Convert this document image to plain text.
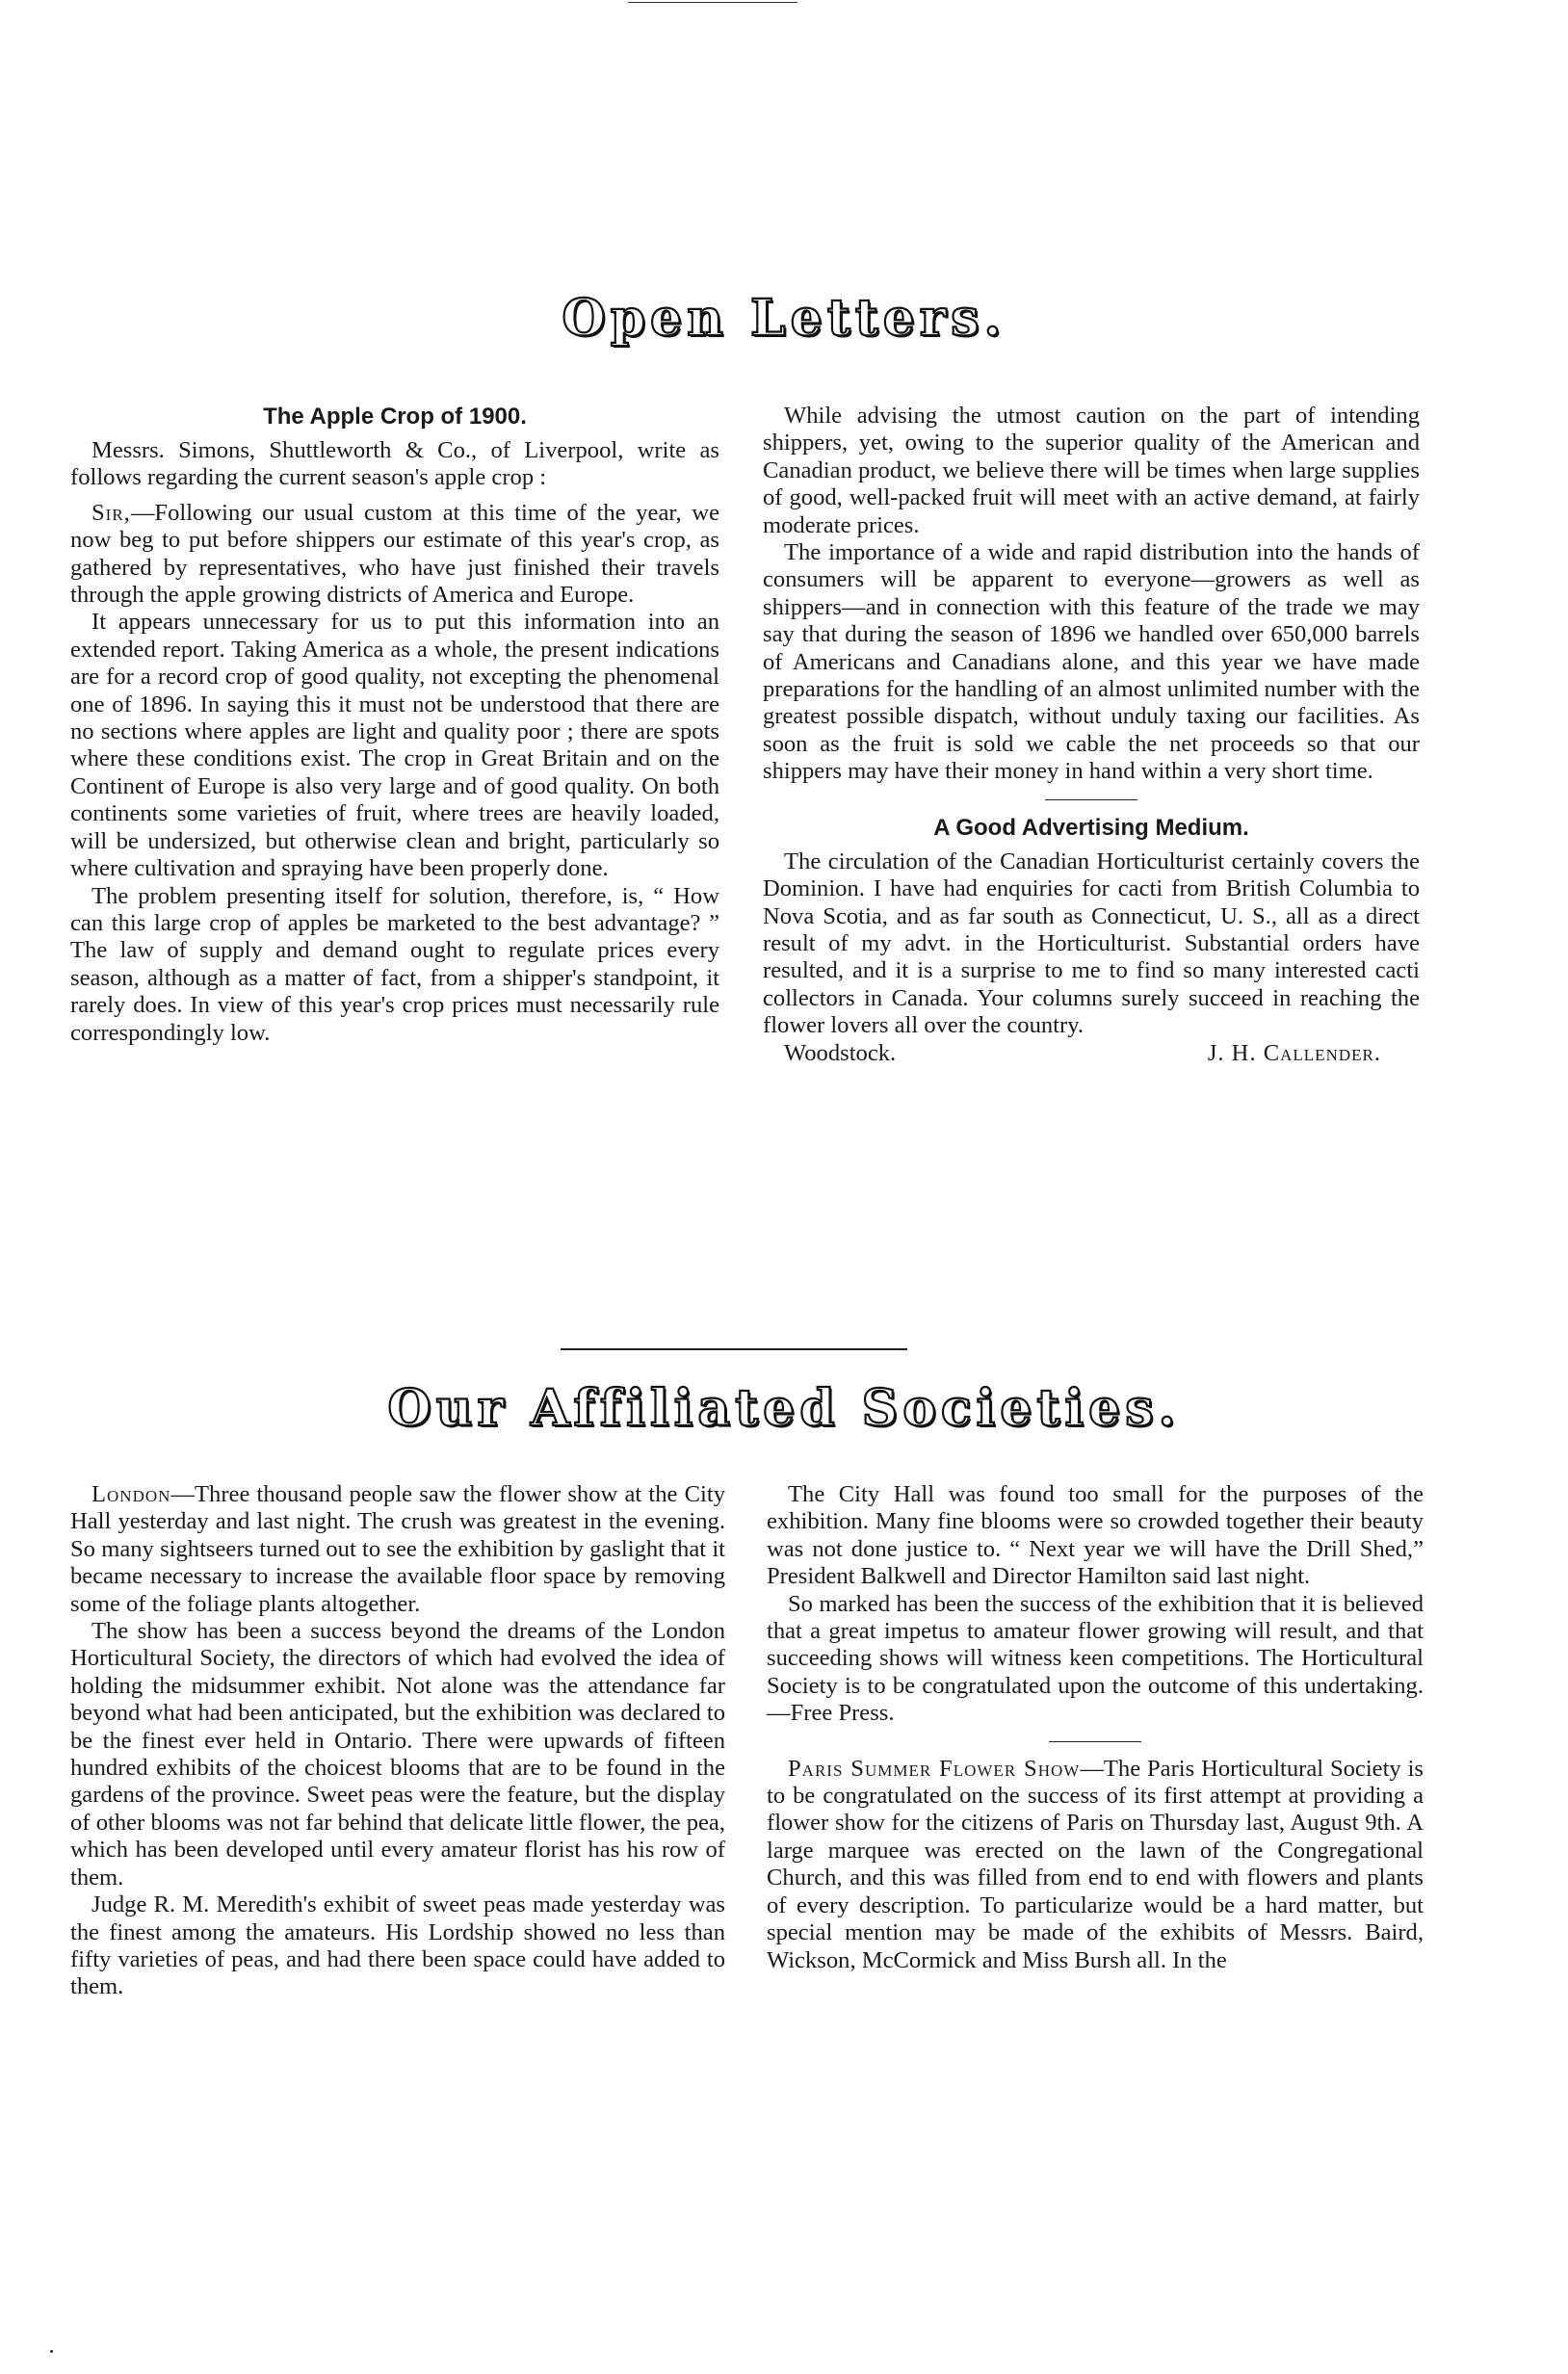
Open Letters.
The Apple Crop of 1900.

Messrs. Simons, Shuttleworth & Co., of Liverpool, write as follows regarding the current season's apple crop :

Sir,—Following our usual custom at this time of the year, we now beg to put before shippers our estimate of this year's crop, as gathered by representatives, who have just finished their travels through the apple growing districts of America and Europe.

It appears unnecessary for us to put this information into an extended report. Taking America as a whole, the present indications are for a record crop of good quality, not excepting the phenomenal one of 1896. In saying this it must not be understood that there are no sections where apples are light and quality poor ; there are spots where these conditions exist. The crop in Great Britain and on the Continent of Europe is also very large and of good quality. On both continents some varieties of fruit, where trees are heavily loaded, will be undersized, but otherwise clean and bright, particularly so where cultivation and spraying have been properly done.

The problem presenting itself for solution, therefore, is, “ How can this large crop of apples be marketed to the best advantage? ” The law of supply and demand ought to regulate prices every season, although as a matter of fact, from a shipper's standpoint, it rarely does. In view of this year's crop prices must necessarily rule correspondingly low.

While advising the utmost caution on the part of intending shippers, yet, owing to the superior quality of the American and Canadian product, we believe there will be times when large supplies of good, well-packed fruit will meet with an active demand, at fairly moderate prices.

The importance of a wide and rapid distribution into the hands of consumers will be apparent to everyone—growers as well as shippers—and in connection with this feature of the trade we may say that during the season of 1896 we handled over 650,000 barrels of Americans and Canadians alone, and this year we have made preparations for the handling of an almost unlimited number with the greatest possible dispatch, without unduly taxing our facilities. As soon as the fruit is sold we cable the net proceeds so that our shippers may have their money in hand within a very short time.

A Good Advertising Medium.

The circulation of the Canadian Horticulturist certainly covers the Dominion. I have had enquiries for cacti from British Columbia to Nova Scotia, and as far south as Connecticut, U. S., all as a direct result of my advt. in the Horticulturist. Substantial orders have resulted, and it is a surprise to me to find so many interested cacti collectors in Canada. Your columns surely succeed in reaching the flower lovers all over the country.

Woodstock.	J. H. Callender.
Our Affiliated Societies.

London—Three thousand people saw the flower show at the City Hall yesterday and last night. The crush was greatest in the evening. So many sightseers turned out to see the exhibition by gaslight that it became necessary to increase the available floor space by removing some of the foliage plants altogether.

The show has been a success beyond the dreams of the London Horticultural Society, the directors of which had evolved the idea of holding the midsummer exhibit. Not alone was the attendance far beyond what had been anticipated, but the exhibition was declared to be the finest ever held in Ontario. There were upwards of fifteen hundred exhibits of the choicest blooms that are to be found in the gardens of the province. Sweet peas were the feature, but the display of other blooms was not far behind that delicate little flower, the pea, which has been developed until every amateur florist has his row of them.

Judge R. M. Meredith's exhibit of sweet peas made yesterday was the finest among the amateurs. His Lordship showed no less than fifty varieties of peas, and had there been space could have added to them.

The City Hall was found too small for the purposes of the exhibition. Many fine blooms were so crowded together their beauty was not done justice to. “ Next year we will have the Drill Shed,” President Balkwell and Director Hamilton said last night.

So marked has been the success of the exhibition that it is believed that a great impetus to amateur flower growing will result, and that succeeding shows will witness keen competitions. The Horticultural Society is to be congratulated upon the outcome of this undertaking.—Free Press.

Paris Summer Flower Show—The Paris Horticultural Society is to be congratulated on the success of its first attempt at providing a flower show for the citizens of Paris on Thursday last, August 9th. A large marquee was erected on the lawn of the Congregational Church, and this was filled from end to end with flowers and plants of every description. To particularize would be a hard matter, but special mention may be made of the exhibits of Messrs. Baird, Wickson, McCormick and Miss Bursh all. In the
